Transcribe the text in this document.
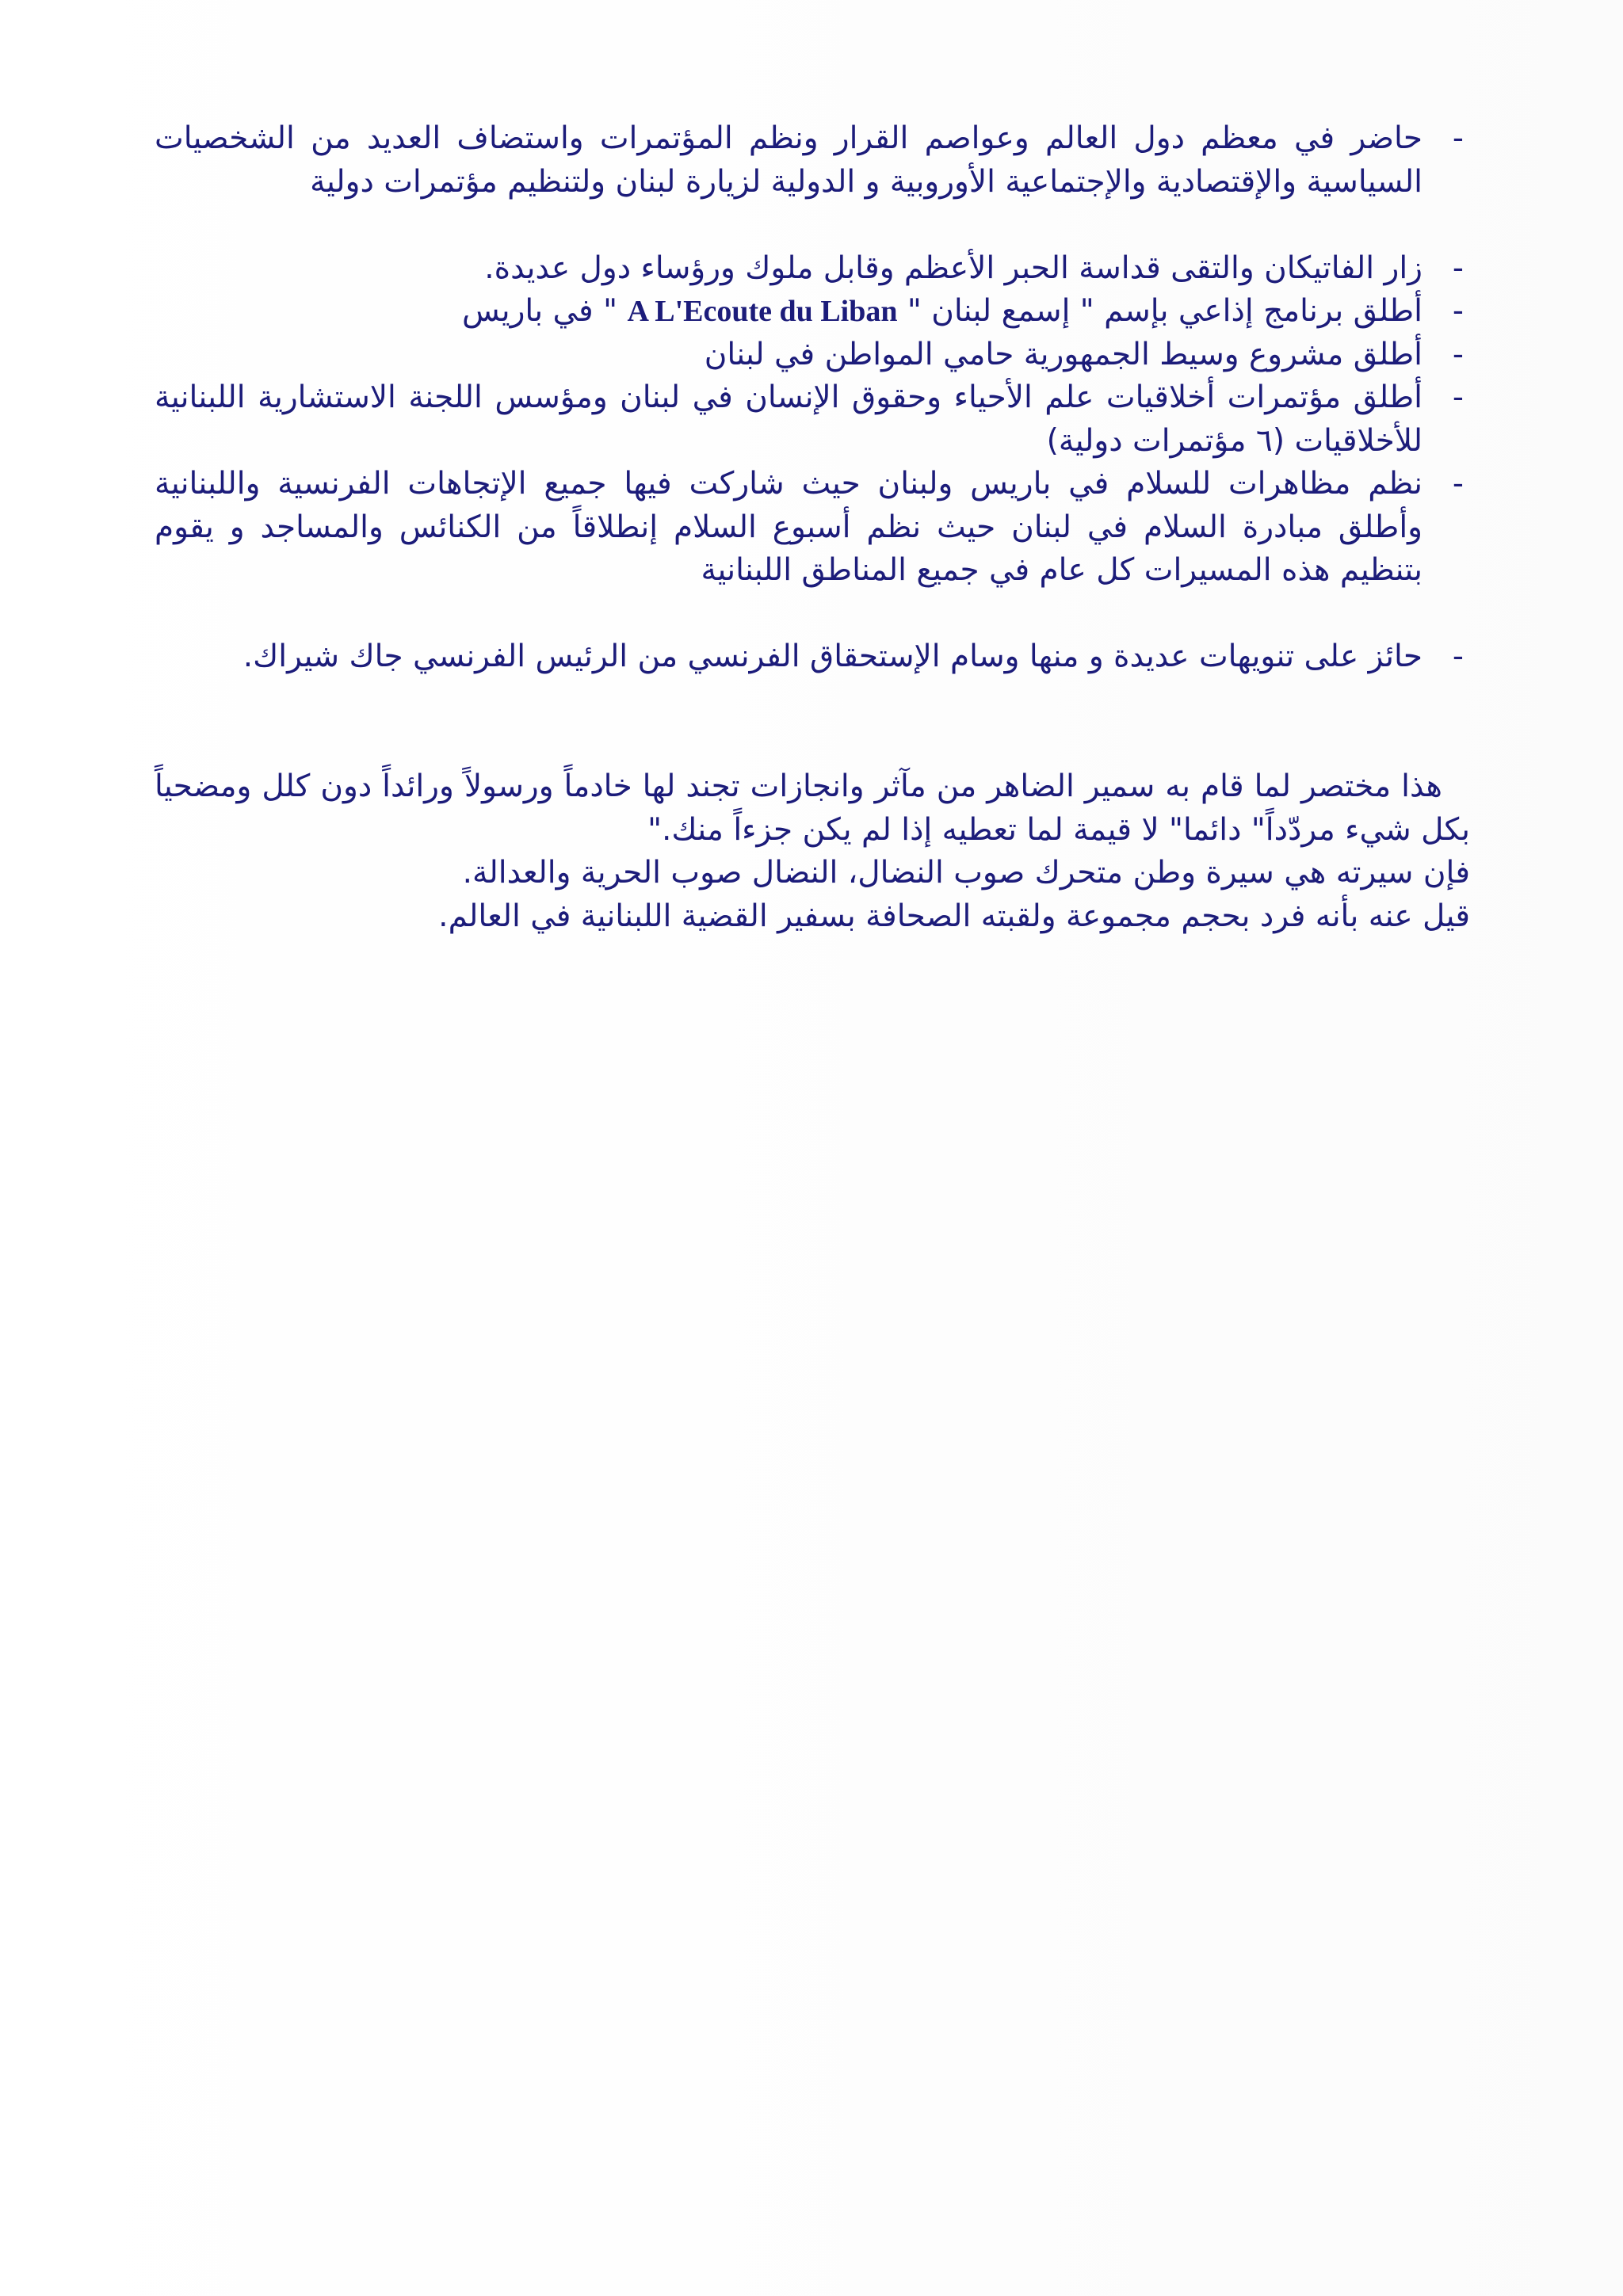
-
حاضر في معظم دول العالم وعواصم القرار ونظم المؤتمرات واستضاف العديد من الشخصيات السياسية والإقتصادية والإجتماعية الأوروبية و الدولية لزيارة لبنان ولتنظيم مؤتمرات دولية
-
زار الفاتيكان والتقى قداسة الحبر الأعظم وقابل ملوك ورؤساء دول عديدة.
-
أطلق برنامج إذاعي بإسم " إسمع لبنان " A L'Ecoute du Liban " في باريس
-
أطلق مشروع وسيط الجمهورية حامي المواطن في لبنان
-
أطلق مؤتمرات أخلاقيات علم الأحياء وحقوق الإنسان في لبنان ومؤسس اللجنة الاستشارية اللبنانية للأخلاقيات (٦ مؤتمرات دولية)
-
نظم مظاهرات للسلام في باريس ولبنان حيث شاركت فيها جميع الإتجاهات الفرنسية واللبنانية وأطلق مبادرة السلام في لبنان حيث نظم أسبوع السلام إنطلاقاً من الكنائس والمساجد و يقوم بتنظيم هذه المسيرات كل عام في جميع المناطق اللبنانية
-
حائز على تنويهات عديدة و منها وسام الإستحقاق الفرنسي من الرئيس الفرنسي جاك شيراك.

هذا مختصر لما قام به سمير الضاهر من مآثر وانجازات تجند لها خادماً ورسولاً ورائداً دون كلل ومضحياً بكل شيء مردّداً" دائما" لا قيمة لما تعطيه إذا لم يكن جزءاً منك."

فإن سيرته هي سيرة وطن متحرك صوب النضال، النضال صوب الحرية والعدالة.

قيل عنه بأنه فرد بحجم مجموعة ولقبته الصحافة بسفير القضية اللبنانية في العالم.
